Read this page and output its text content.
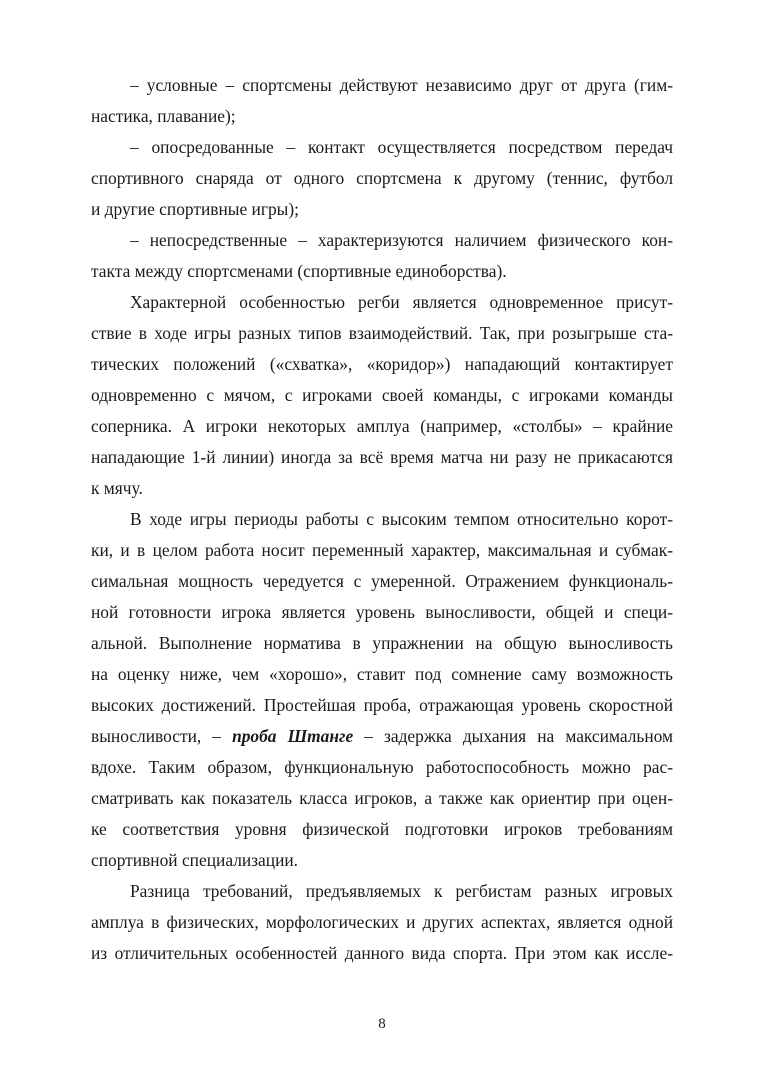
– условные – спортсмены действуют независимо друг от друга (гим-
настика, плавание);
– опосредованные – контакт осуществляется посредством передач
спортивного снаряда от одного спортсмена к другому (теннис, футбол
и другие спортивные игры);
– непосредственные – характеризуются наличием физического кон-
такта между спортсменами (спортивные единоборства).
Характерной особенностью регби является одновременное присут-
ствие в ходе игры разных типов взаимодействий. Так, при розыгрыше ста-
тических положений («схватка», «коридор») нападающий контактирует
одновременно с мячом, с игроками своей команды, с игроками команды
соперника. А игроки некоторых амплуа (например, «столбы» – крайние
нападающие 1-й линии) иногда за всё время матча ни разу не прикасаются
к мячу.
В ходе игры периоды работы с высоким темпом относительно корот-
ки, и в целом работа носит переменный характер, максимальная и субмак-
симальная мощность чередуется с умеренной. Отражением функциональ-
ной готовности игрока является уровень выносливости, общей и специ-
альной. Выполнение норматива в упражнении на общую выносливость
на оценку ниже, чем «хорошо», ставит под сомнение саму возможность
высоких достижений. Простейшая проба, отражающая уровень скоростной
выносливости, – проба Штанге – задержка дыхания на максимальном
вдохе. Таким образом, функциональную работоспособность можно рас-
сматривать как показатель класса игроков, а также как ориентир при оцен-
ке соответствия уровня физической подготовки игроков требованиям
спортивной специализации.
Разница требований, предъявляемых к регбистам разных игровых
амплуа в физических, морфологических и других аспектах, является одной
из отличительных особенностей данного вида спорта. При этом как иссле-
8
